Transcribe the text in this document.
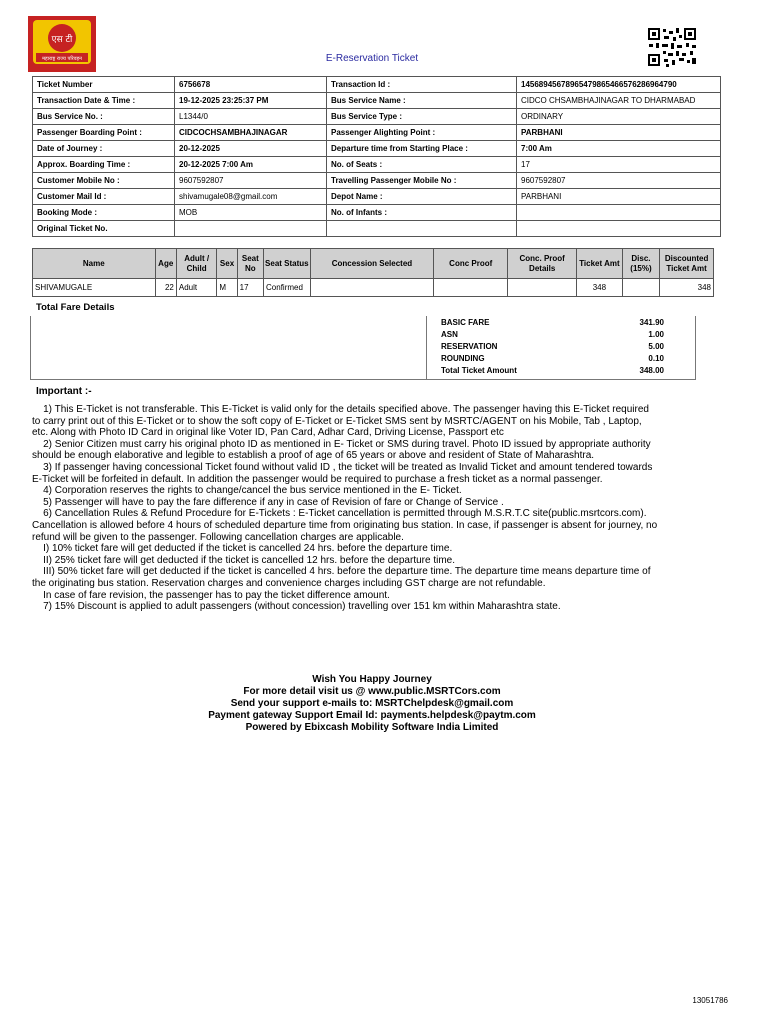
एस टी
महाराष्ट्र राज्य परिवहन	E-Reservation Ticket
Ticket Number	6756678	Transaction Id :	145689456789654798654665762869647​90
Transaction Date & Time :	19-12-2025 23:25:37 PM	Bus Service Name :	CIDCO CHSAMBHAJINAGAR TO DHARMABAD
Bus Service No. :	L1344/0	Bus Service Type :	ORDINARY
Passenger Boarding Point :	CIDCOCHSAMBHAJINAGAR	Passenger Alighting Point :	PARBHANI
Date of Journey :	20-12-2025	Departure time from Starting Place :	7:00 Am
Approx. Boarding Time :	20-12-2025 7:00 Am	No. of Seats :	17
Customer Mobile No :	9607592807	Travelling Passenger Mobile No :	9607592807
Customer Mail Id :	shivamugale08@gmail.com	Depot Name :	PARBHANI
Booking Mode :	MOB	No. of Infants :	
Original Ticket No.			
Name	Age	Adult / Child	Sex	Seat No	Seat Status	Concession Selected	Conc Proof	Conc. Proof Details	Ticket Amt	Disc. (15%)	Discounted Ticket Amt
SHIVAMUGALE	22	Adult	M	17	Confirmed				348		348
Total Fare Details
BASIC FARE	341.90
ASN	1.00
RESERVATION	5.00
ROUNDING	0.10
Total Ticket Amount	348.00
Important :-
1) This E-Ticket is not transferable. This E-Ticket is valid only for the details specified above. The passenger having this E-Ticket required to carry print out of this E-Ticket or to show the soft copy of E-Ticket or E-Ticket SMS sent by MSRTC/AGENT on his Mobile, Tab , Laptop, etc. Along with Photo ID Card in original like Voter ID, Pan Card, Adhar Card, Driving License, Passport etc
2) Senior Citizen must carry his original photo ID as mentioned in E- Ticket or SMS during travel. Photo ID issued by appropriate authority should be enough elaborative and legible to establish a proof of age of 65 years or above and resident of State of Maharashtra.
3) If passenger having concessional Ticket found without valid ID , the ticket will be treated as Invalid Ticket and amount tendered towards E-Ticket will be forfeited in default. In addition the passenger would be required to purchase a fresh ticket as a normal passenger.
4) Corporation reserves the rights to change/cancel the bus service mentioned in the E- Ticket.
5) Passenger will have to pay the fare difference if any in case of Revision of fare or Change of Service .
6) Cancellation Rules & Refund Procedure for E-Tickets : E-Ticket cancellation is permitted through M.S.R.T.C site(public.msrtcors.com). Cancellation is allowed before 4 hours of scheduled departure time from originating bus station. In case, if passenger is absent for journey, no refund will be given to the passenger. Following cancellation charges are applicable.
I) 10% ticket fare will get deducted if the ticket is cancelled 24 hrs. before the departure time.
II) 25% ticket fare will get deducted if the ticket is cancelled 12 hrs. before the departure time.
III) 50% ticket fare will get deducted if the ticket is cancelled 4 hrs. before the departure time. The departure time means departure time of the originating bus station. Reservation charges and convenience charges including GST charge are not refundable.
In case of fare revision, the passenger has to pay the ticket difference amount.
7) 15% Discount is applied to adult passengers (without concession) travelling over 151 km within Maharashtra state.
Wish You Happy Journey
For more detail visit us @ www.public.MSRTCors.com
Send your support e-mails to: MSRTChelpdesk@gmail.com
Payment gateway Support Email Id: payments.helpdesk@paytm.com
Powered by Ebixcash Mobility Software India Limited
13051786
